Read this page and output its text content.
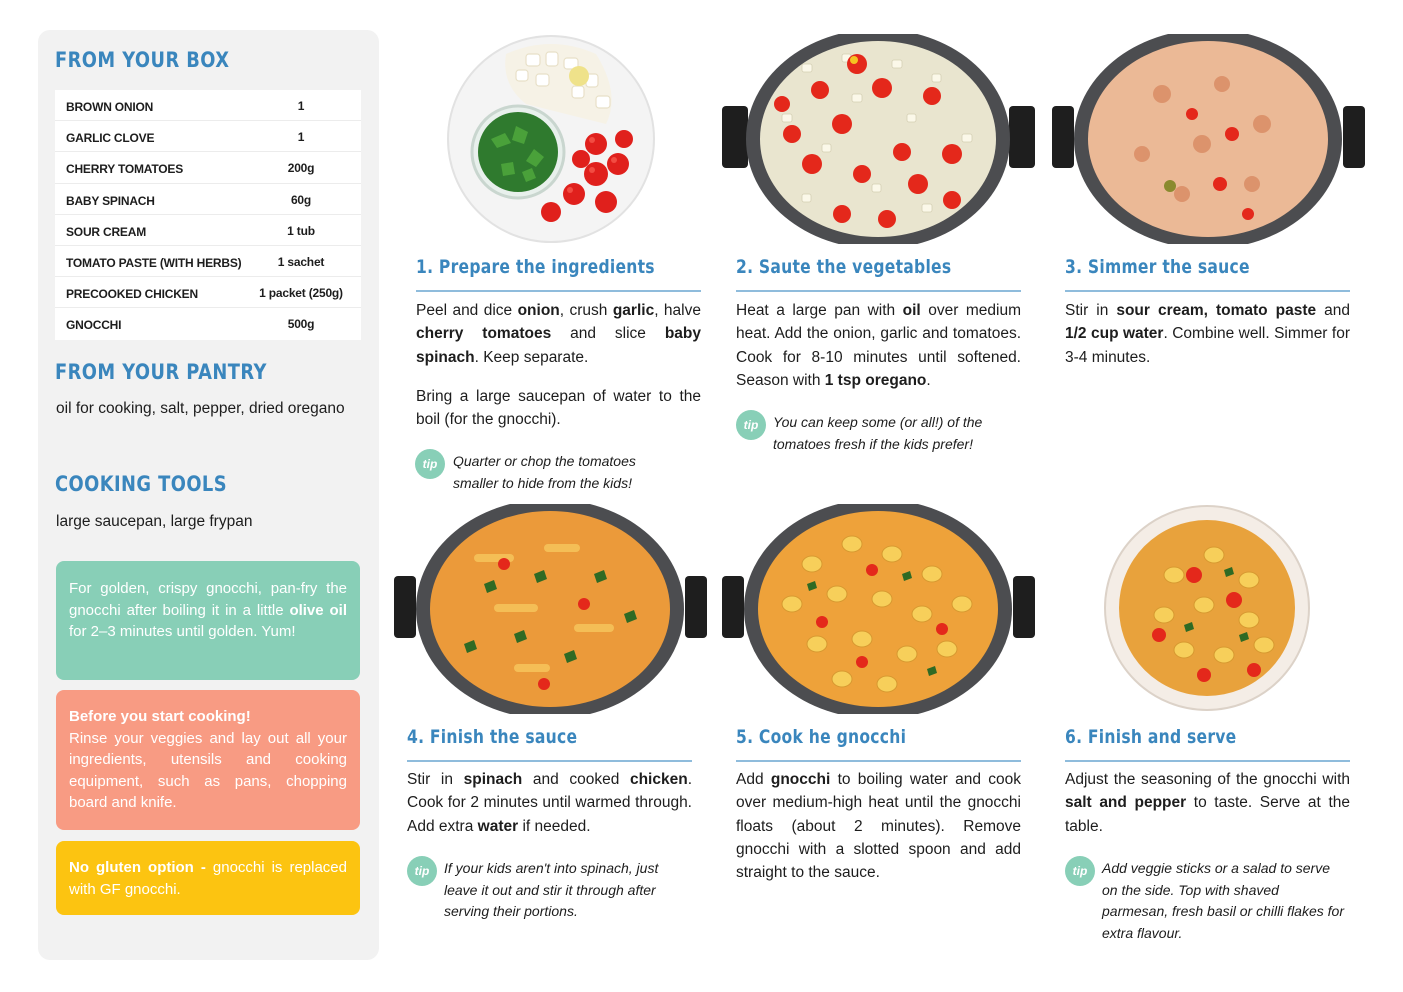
FROM YOUR BOX
BROWN ONION	1
GARLIC CLOVE	1
CHERRY TOMATOES	200g
BABY SPINACH	60g
SOUR CREAM	1 tub
TOMATO PASTE (WITH HERBS)	1 sachet
PRECOOKED CHICKEN	1 packet (250g)
GNOCCHI	500g
FROM YOUR PANTRY
oil for cooking, salt, pepper, dried oregano
COOKING TOOLS
large saucepan, large frypan
For golden, crispy gnocchi, pan-fry the gnocchi after boiling it in a little olive oil for 2–3 minutes until golden. Yum!
Before you start cooking!
Rinse your veggies and lay out all your ingredients, utensils and cooking equipment, such as pans, chopping board and knife.
No gluten option - gnocchi is replaced with GF gnocchi.
1. Prepare the ingredients	2. Saute the vegetables	3. Simmer the sauce
4. Finish the sauce	5. Cook he gnocchi	6. Finish and serve

Peel and dice onion, crush garlic, halve cherry tomatoes and slice baby spinach. Keep separate.

Bring a large saucepan of water to the boil (for the gnocchi).

Heat a large pan with oil over medium heat. Add the onion, garlic and tomatoes. Cook for 8-10 minutes until softened. Season with 1 tsp oregano.

Stir in sour cream, tomato paste and 1/2 cup water. Combine well. Simmer for 3-4 minutes.

Stir in spinach and cooked chicken. Cook for 2 minutes until warmed through. Add extra water if needed.

Add gnocchi to boiling water and cook over medium-high heat until the gnocchi floats (about 2 minutes). Remove gnocchi with a slotted spoon and add straight to the sauce.

Adjust the seasoning of the gnocchi with salt and pepper to taste. Serve at the table.

tip	Quarter or chop the tomatoes smaller to hide from the kids!
tip	You can keep some (or all!) of the tomatoes fresh if the kids prefer!
tip	If your kids aren't into spinach, just leave it out and stir it through after serving their portions.
tip	Add veggie sticks or a salad to serve on the side. Top with shaved parmesan, fresh basil or chilli flakes for extra flavour.
